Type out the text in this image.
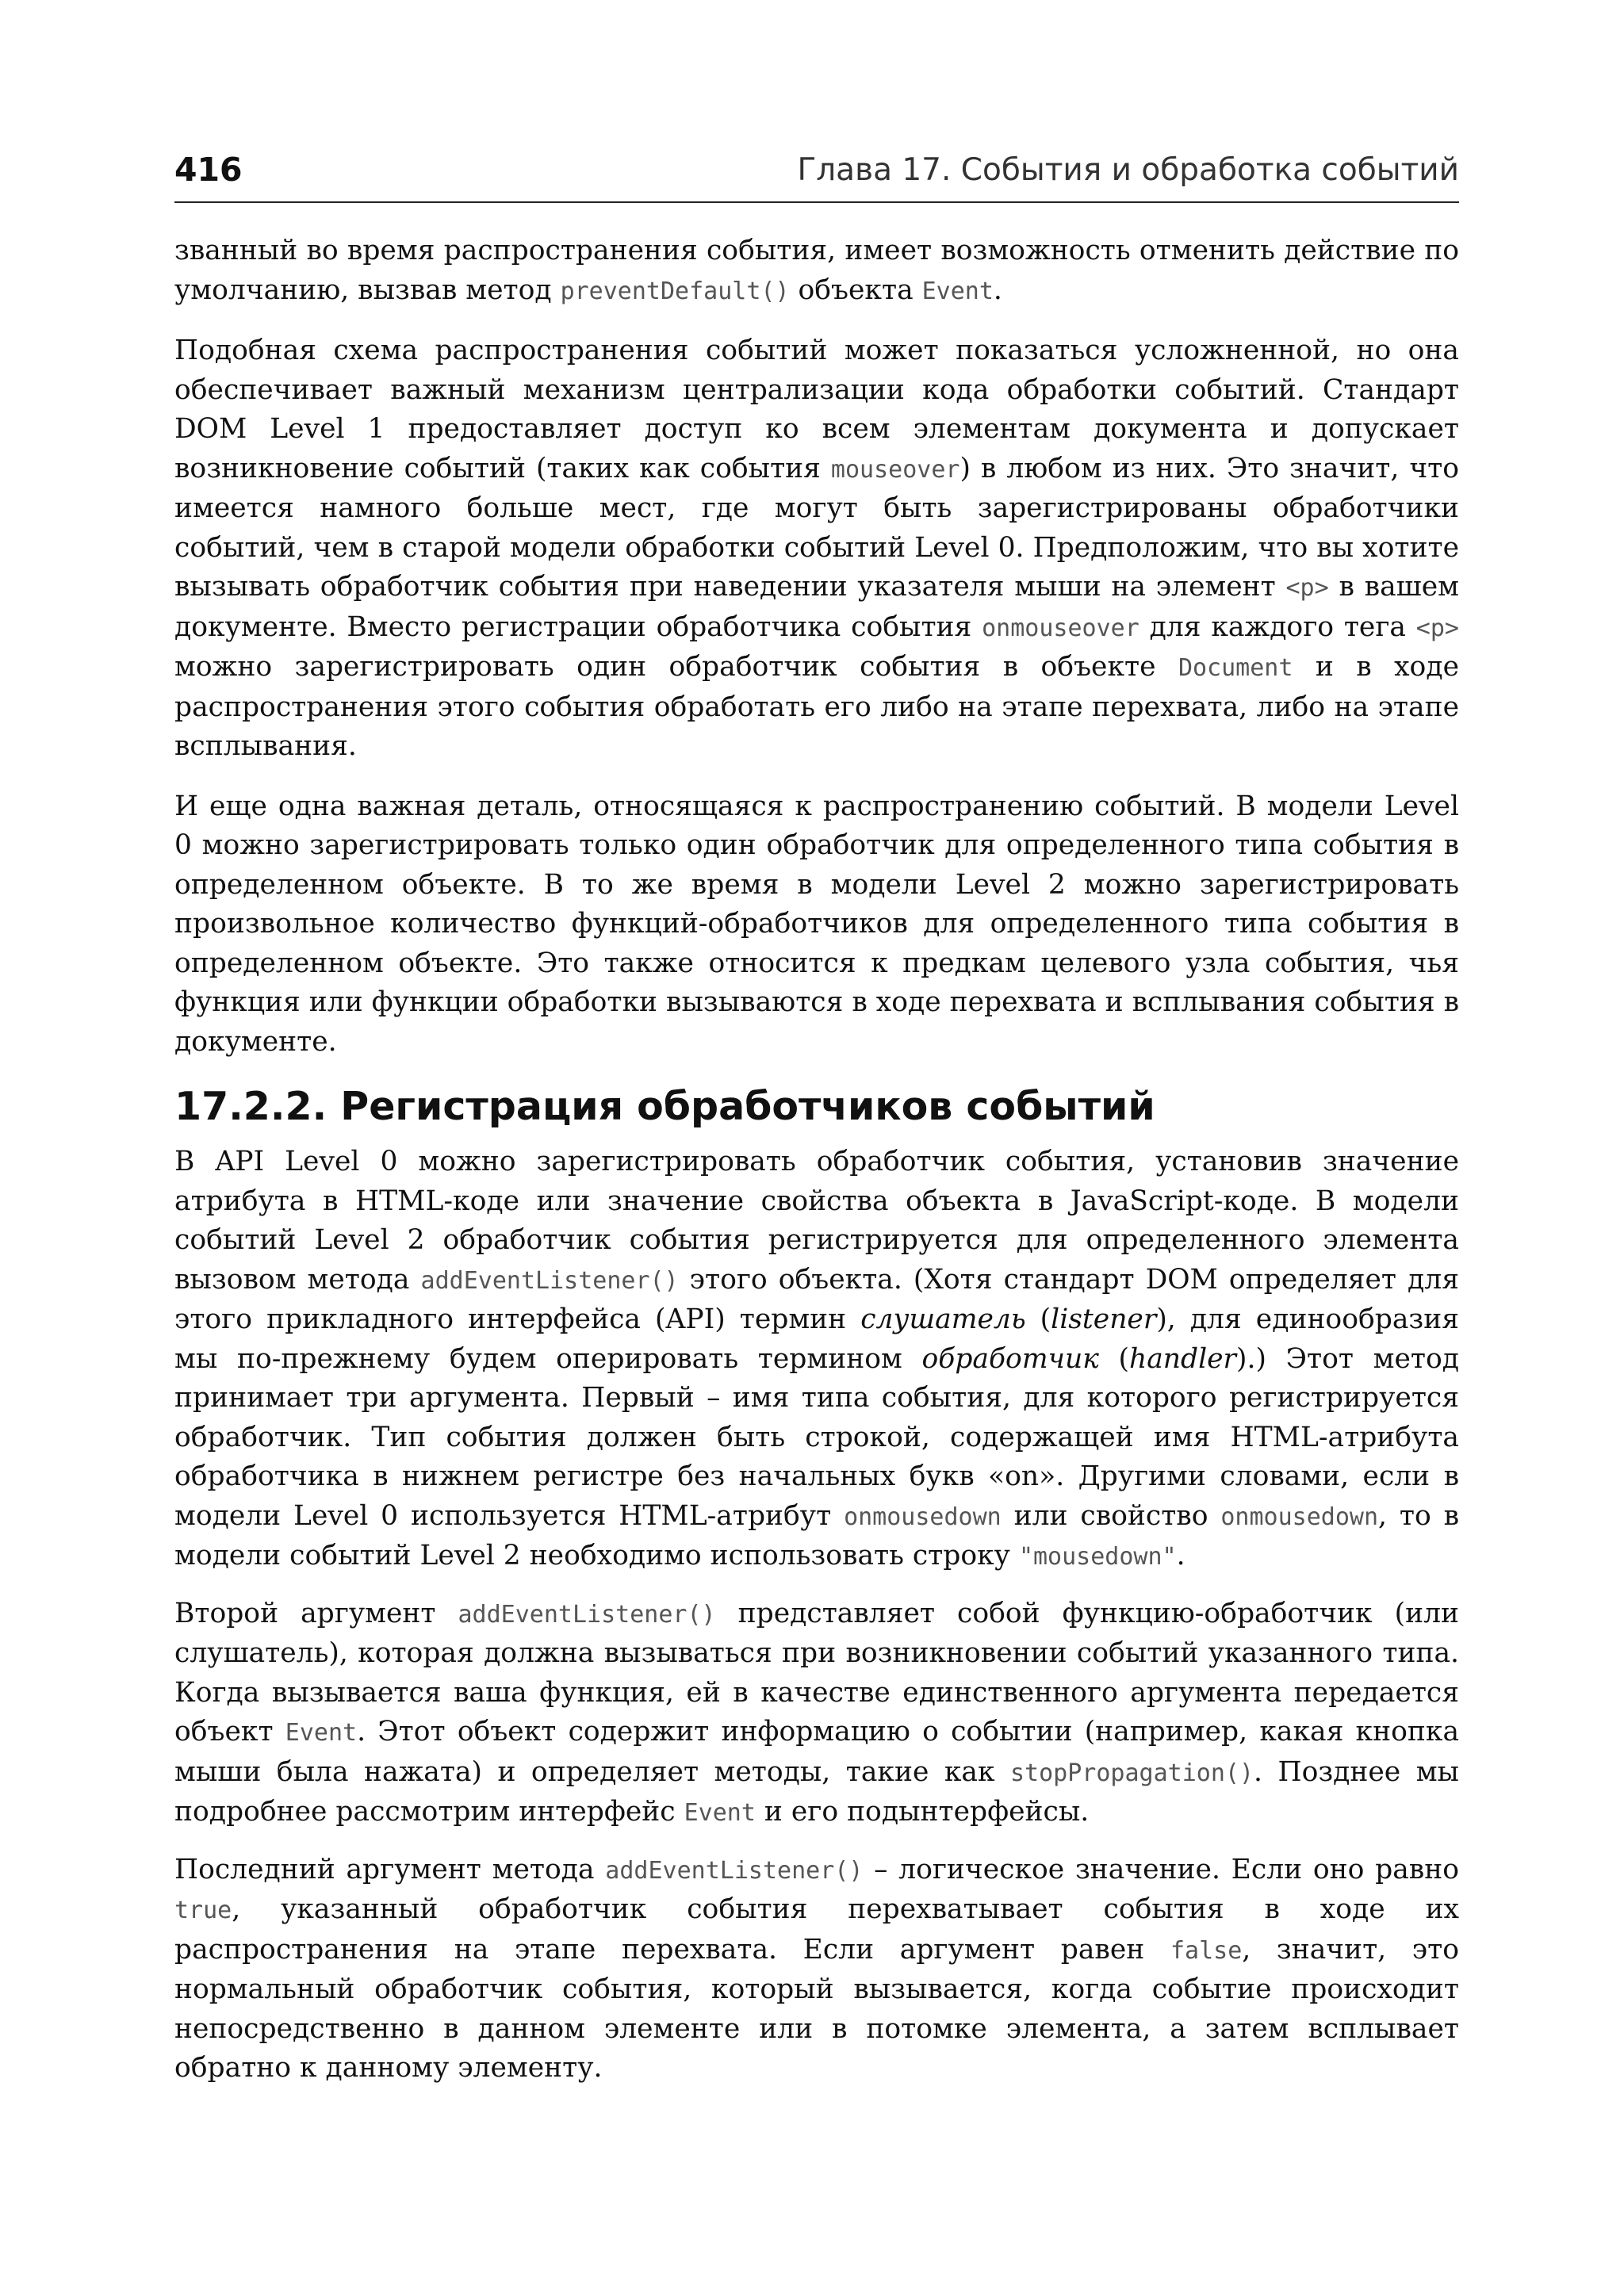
416	Глава 17. События и обработка событий

званный во время распространения события, имеет возможность отменить действие по умолчанию, вызвав метод preventDefault() объекта Event.

Подобная схема распространения событий может показаться усложненной, но она обеспечивает важный механизм централизации кода обработки событий. Стандарт DOM Level 1 предоставляет доступ ко всем элементам документа и допускает возникновение событий (таких как события mouseover) в любом из них. Это значит, что имеется намного больше мест, где могут быть зарегистрированы обработчики событий, чем в старой модели обработки событий Level 0. Предположим, что вы хотите вызывать обработчик события при наведении указателя мыши на элемент <p> в вашем документе. Вместо регистрации обработчика события onmouseover для каждого тега <p> можно зарегистрировать один обработчик события в объекте Document и в ходе распространения этого события обработать его либо на этапе перехвата, либо на этапе всплывания.

И еще одна важная деталь, относящаяся к распространению событий. В модели Level 0 можно зарегистрировать только один обработчик для определенного типа события в определенном объекте. В то же время в модели Level 2 можно зарегистрировать произвольное количество функций-обработчиков для определенного типа события в определенном объекте. Это также относится к предкам целевого узла события, чья функция или функции обработки вызываются в ходе перехвата и всплывания события в документе.

17.2.2. Регистрация обработчиков событий

В API Level 0 можно зарегистрировать обработчик события, установив значение атрибута в HTML-коде или значение свойства объекта в JavaScript-коде. В модели событий Level 2 обработчик события регистрируется для определенного элемента вызовом метода addEventListener() этого объекта. (Хотя стандарт DOM определяет для этого прикладного интерфейса (API) термин слушатель (listener), для единообразия мы по-прежнему будем оперировать термином обработчик (handler).) Этот метод принимает три аргумента. Первый – имя типа события, для которого регистрируется обработчик. Тип события должен быть строкой, содержащей имя HTML-атрибута обработчика в нижнем регистре без начальных букв «on». Другими словами, если в модели Level 0 используется HTML-атрибут onmousedown или свойство onmousedown, то в модели событий Level 2 необходимо использовать строку "mousedown".

Второй аргумент addEventListener() представляет собой функцию-обработчик (или слушатель), которая должна вызываться при возникновении событий указанного типа. Когда вызывается ваша функция, ей в качестве единственного аргумента передается объект Event. Этот объект содержит информацию о событии (например, какая кнопка мыши была нажата) и определяет методы, такие как stopPropagation(). Позднее мы подробнее рассмотрим интерфейс Event и его подынтерфейсы.

Последний аргумент метода addEventListener() – логическое значение. Если оно равно true, указанный обработчик события перехватывает события в ходе их распространения на этапе перехвата. Если аргумент равен false, значит, это нормальный обработчик события, который вызывается, когда событие происходит непосредственно в данном элементе или в потомке элемента, а затем всплывает обратно к данному элементу.
